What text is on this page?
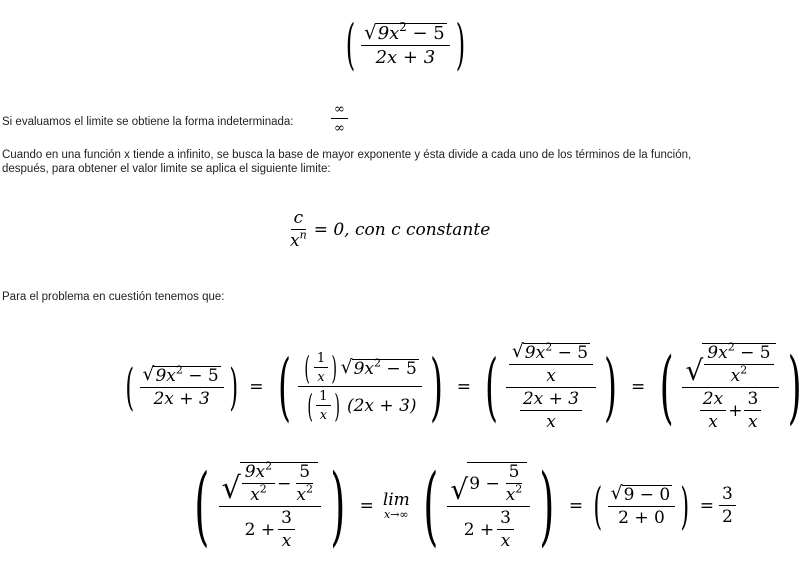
( $\frac{√ 9x^2 - 5}{2x + 3}$ )
Si evaluamos el limite se obtiene la forma indeterminada:	$\frac{\infty}{\infty}$
Cuando en una función x tiende a infinito, se busca la base de mayor exponente y ésta divide a cada uno de los términos de la función,
después, para obtener el valor limite se aplica el siguiente limite:
$\frac{c}{x^n} = 0$, con c constante
Para el problema en cuestión tenemos que:
( $\frac{√ 9x^2 - 5}{2x + 3}$ ) = ( $\frac{( \frac{1}{x} ) √ 9x^2 - 5}{( \frac{1}{x} ) (2x + 3)}$ ) = ( $\frac{\frac{√ 9x^2 - 5}{x}}{\frac{2x + 3}{x}}$ ) = ( $\frac{√ \frac{9x^2 - 5}{x^2}}{\frac{2x}{x} + \frac{3}{x}}$ )
( $\frac{√ \frac{9x^2}{x^2} - \frac{5}{x^2}}{2 + \frac{3}{x}}$ ) = lim
x→∞ ( $\frac{√ 9 - \frac{5}{x^2}}{2 + \frac{3}{x}}$ ) = ( $\frac{√ 9 - 0}{2 + 0}$ ) = $\frac{3}{2}$
